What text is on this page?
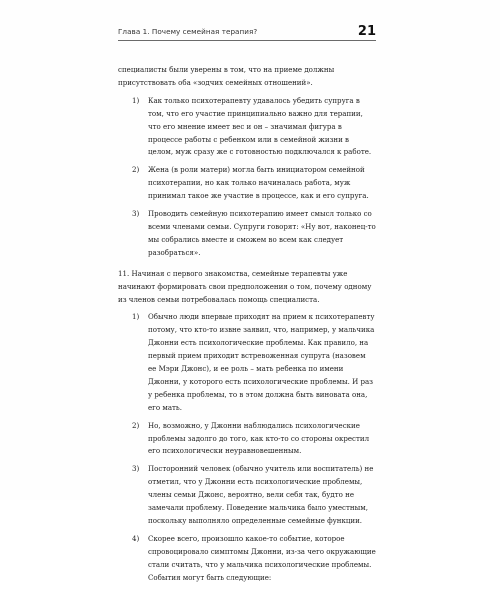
Глава 1. Почему семейная терапия?	21

специалисты были уверены в том, что на приеме должны присутствовать оба «зодчих семейных отношений».

1) Как только психотерапевту удавалось убедить супруга в том, что его участие принципиально важно для терапии, что его мнение имеет вес и он – значимая фигура в процессе работы с ребенком или в семейной жизни в целом, муж сразу же с готовностью подключался к работе.
2) Жена (в роли матери) могла быть инициатором семейной психотерапии, но как только начиналась работа, муж принимал такое же участие в процессе, как и его супруга.
3) Проводить семейную психотерапию имеет смысл только со всеми членами семьи. Супруги говорят: «Ну вот, наконец-то мы собрались вместе и сможем во всем как следует разобраться».

11. Начиная с первого знакомства, семейные терапевты уже начинают формировать свои предположения о том, почему одному из членов семьи потребовалась помощь специалиста.

1) Обычно люди впервые приходят на прием к психотерапевту потому, что кто-то извне заявил, что, например, у мальчика Джонни есть психологические проблемы. Как правило, на первый прием приходит встревоженная супруга (назовем ее Мэри Джонс), и ее роль – мать ребенка по имени Джонни, у которого есть психологические проблемы. И раз у ребенка проблемы, то в этом должна быть виновата она, его мать.
2) Но, возможно, у Джонни наблюдались психологические проблемы задолго до того, как кто-то со стороны окрестил его психологически неуравновешенным.
3) Посторонний человек (обычно учитель или воспитатель) не отметил, что у Джонни есть психологические проблемы, члены семьи Джонс, вероятно, вели себя так, будто не замечали проблему. Поведение мальчика было уместным, поскольку выполняло определенные семейные функции.
4) Скорее всего, произошло какое-то событие, которое спровоцировало симптомы Джонни, из-за чего окружающие стали считать, что у мальчика психологические проблемы. События могут быть следующие:
